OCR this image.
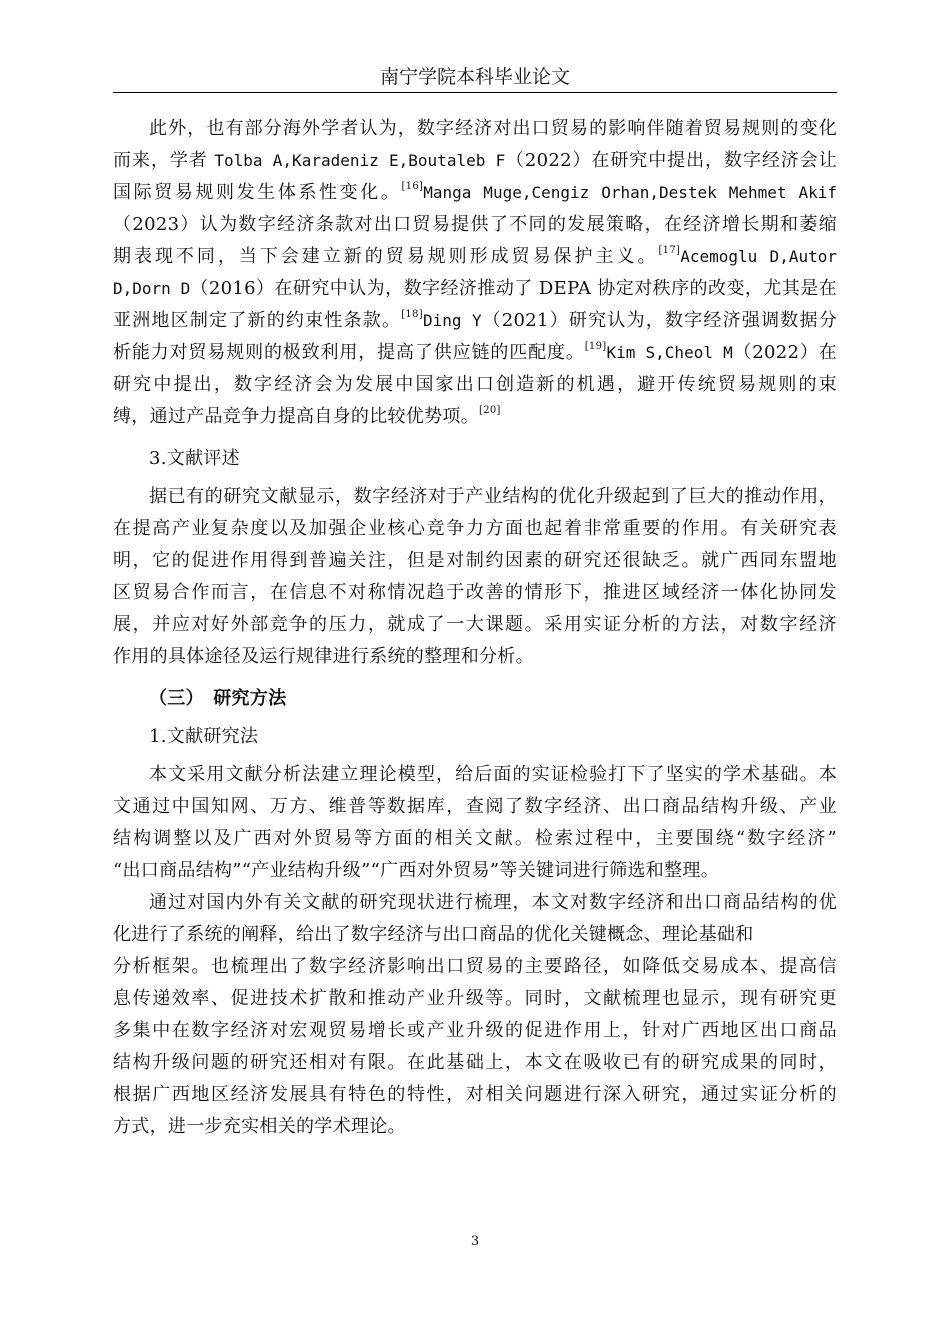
南宁学院本科毕业论文

此外，也有部分海外学者认为，数字经济对出口贸易的影响伴随着贸易规则的变化

而来，学者 Tolba A,Karadeniz E,Boutaleb F（2022）在研究中提出，数字经济会让

国际贸易规则发生体系性变化。[16]Manga Muge,Cengiz Orhan,Destek Mehmet Akif

（2023）认为数字经济条款对出口贸易提供了不同的发展策略，在经济增长期和萎缩

期表现不同，当下会建立新的贸易规则形成贸易保护主义。[17]Acemoglu D,Autor

D,Dorn D（2016）在研究中认为，数字经济推动了 DEPA 协定对秩序的改变，尤其是在

亚洲地区制定了新的约束性条款。[18]Ding Y（2021）研究认为，数字经济强调数据分

析能力对贸易规则的极致利用，提高了供应链的匹配度。[19]Kim S,Cheol M（2022）在

研究中提出，数字经济会为发展中国家出口创造新的机遇，避开传统贸易规则的束

缚，通过产品竞争力提高自身的比较优势项。[20]

3.文献评述

据已有的研究文献显示，数字经济对于产业结构的优化升级起到了巨大的推动作用，

在提高产业复杂度以及加强企业核心竞争力方面也起着非常重要的作用。有关研究表

明，它的促进作用得到普遍关注，但是对制约因素的研究还很缺乏。就广西同东盟地

区贸易合作而言，在信息不对称情况趋于改善的情形下，推进区域经济一体化协同发

展，并应对好外部竞争的压力，就成了一大课题。采用实证分析的方法，对数字经济

作用的具体途径及运行规律进行系统的整理和分析。

（三）　研究方法

1.文献研究法

本文采用文献分析法建立理论模型，给后面的实证检验打下了坚实的学术基础。本

文通过中国知网、万方、维普等数据库，查阅了数字经济、出口商品结构升级、产业

结构调整以及广西对外贸易等方面的相关文献。检索过程中，主要围绕“数字经济”

“出口商品结构”“产业结构升级”“广西对外贸易”等关键词进行筛选和整理。

通过对国内外有关文献的研究现状进行梳理，本文对数字经济和出口商品结构的优

化进行了系统的阐释，给出了数字经济与出口商品的优化关键概念、理论基础和

分析框架。也梳理出了数字经济影响出口贸易的主要路径，如降低交易成本、提高信

息传递效率、促进技术扩散和推动产业升级等。同时，文献梳理也显示，现有研究更

多集中在数字经济对宏观贸易增长或产业升级的促进作用上，针对广西地区出口商品

结构升级问题的研究还相对有限。在此基础上，本文在吸收已有的研究成果的同时，

根据广西地区经济发展具有特色的特性，对相关问题进行深入研究，通过实证分析的

方式，进一步充实相关的学术理论。

3
